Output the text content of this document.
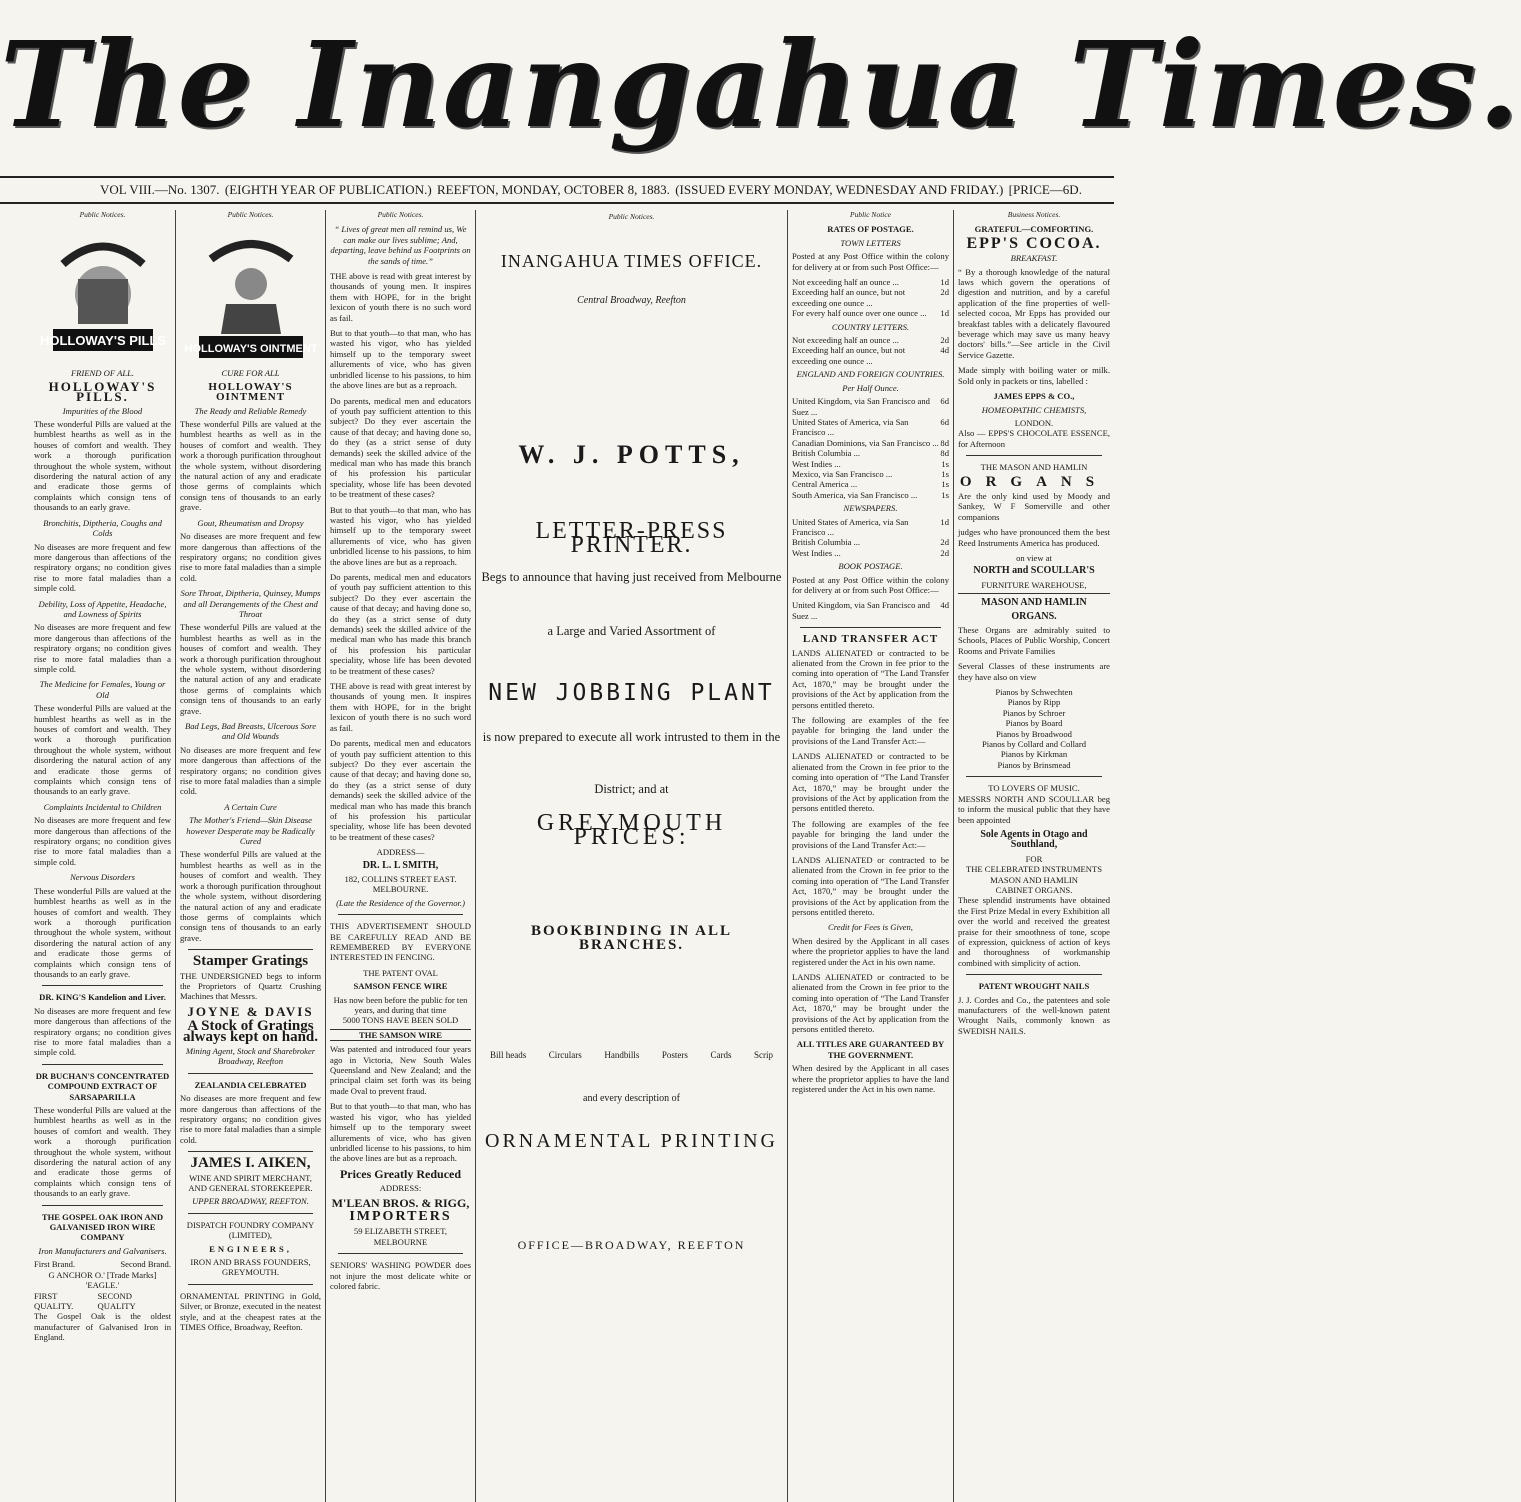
The Inangahua Times.
VOL VIII.—No. 1307. (EIGHTH YEAR OF PUBLICATION.) REEFTON, MONDAY, OCTOBER 8, 1883. (ISSUED EVERY MONDAY, WEDNESDAY AND FRIDAY.) [PRICE—6D.
Public Notices.
HOLLOWAY'S PILLS
FRIEND OF ALL.
HOLLOWAY'S PILLS.
Impurities of the Blood

These wonderful Pills are valued at the humblest hearths as well as in the houses of comfort and wealth. They work a thorough purification throughout the whole system, without disordering the natural action of any and eradicate those germs of complaints which consign tens of thousands to an early grave.

Bronchitis, Diptheria, Coughs and Colds

No diseases are more frequent and few more dangerous than affections of the respiratory organs; no condition gives rise to more fatal maladies than a simple cold.

Debility, Loss of Appetite, Headache, and Lowness of Spirits

No diseases are more frequent and few more dangerous than affections of the respiratory organs; no condition gives rise to more fatal maladies than a simple cold.

The Medicine for Females, Young or Old

These wonderful Pills are valued at the humblest hearths as well as in the houses of comfort and wealth. They work a thorough purification throughout the whole system, without disordering the natural action of any and eradicate those germs of complaints which consign tens of thousands to an early grave.

Complaints Incidental to Children

No diseases are more frequent and few more dangerous than affections of the respiratory organs; no condition gives rise to more fatal maladies than a simple cold.

Nervous Disorders

These wonderful Pills are valued at the humblest hearths as well as in the houses of comfort and wealth. They work a thorough purification throughout the whole system, without disordering the natural action of any and eradicate those germs of complaints which consign tens of thousands to an early grave.

DR. KING'S Kandelion and Liver.

No diseases are more frequent and few more dangerous than affections of the respiratory organs; no condition gives rise to more fatal maladies than a simple cold.

DR BUCHAN'S CONCENTRATED COMPOUND EXTRACT OF SARSAPARILLA

These wonderful Pills are valued at the humblest hearths as well as in the houses of comfort and wealth. They work a thorough purification throughout the whole system, without disordering the natural action of any and eradicate those germs of complaints which consign tens of thousands to an early grave.

THE GOSPEL OAK IRON AND GALVANISED IRON WIRE COMPANY
Iron Manufacturers and Galvanisers.
First Brand.	Second Brand.
G ANCHOR O.' [Trade Marks] 'EAGLE.'
FIRST QUALITY.
SECOND QUALITY

The Gospel Oak is the oldest manufacturer of Galvanised Iron in England.

Public Notices.
HOLLOWAY'S OINTMENT
CURE FOR ALL
HOLLOWAY'S OINTMENT
The Ready and Reliable Remedy

These wonderful Pills are valued at the humblest hearths as well as in the houses of comfort and wealth. They work a thorough purification throughout the whole system, without disordering the natural action of any and eradicate those germs of complaints which consign tens of thousands to an early grave.

Gout, Rheumatism and Dropsy

No diseases are more frequent and few more dangerous than affections of the respiratory organs; no condition gives rise to more fatal maladies than a simple cold.

Sore Throat, Diptheria, Quinsey, Mumps and all Derangements of the Chest and Throat

These wonderful Pills are valued at the humblest hearths as well as in the houses of comfort and wealth. They work a thorough purification throughout the whole system, without disordering the natural action of any and eradicate those germs of complaints which consign tens of thousands to an early grave.

Bad Legs, Bad Breasts, Ulcerous Sore and Old Wounds

No diseases are more frequent and few more dangerous than affections of the respiratory organs; no condition gives rise to more fatal maladies than a simple cold.

A Certain Cure
The Mother's Friend—Skin Disease however Desperate may be Radically Cured

These wonderful Pills are valued at the humblest hearths as well as in the houses of comfort and wealth. They work a thorough purification throughout the whole system, without disordering the natural action of any and eradicate those germs of complaints which consign tens of thousands to an early grave.

Stamper Gratings

THE UNDERSIGNED begs to inform the Proprietors of Quartz Crushing Machines that Messrs.

JOYNE & DAVIS
A Stock of Gratings always kept on hand.
Mining Agent, Stock and Sharebroker Broadway, Reefton
ZEALANDIA CELEBRATED

No diseases are more frequent and few more dangerous than affections of the respiratory organs; no condition gives rise to more fatal maladies than a simple cold.

JAMES I. AIKEN,
WINE AND SPIRIT MERCHANT, AND GENERAL STOREKEEPER.
UPPER BROADWAY, REEFTON.
DISPATCH FOUNDRY COMPANY (LIMITED),
ENGINEERS,
IRON AND BRASS FOUNDERS,
GREYMOUTH.

ORNAMENTAL PRINTING in Gold, Silver, or Bronze, executed in the neatest style, and at the cheapest rates at the TIMES Office, Broadway, Reefton.

Public Notices.

“ Lives of great men all remind us, We can make our lives sublime; And, departing, leave behind us Footprints on the sands of time.”

THE above is read with great interest by thousands of young men. It inspires them with HOPE, for in the bright lexicon of youth there is no such word as fail.

But to that youth—to that man, who has wasted his vigor, who has yielded himself up to the temporary sweet allurements of vice, who has given unbridled license to his passions, to him the above lines are but as a reproach.

Do parents, medical men and educators of youth pay sufficient attention to this subject? Do they ever ascertain the cause of that decay; and having done so, do they (as a strict sense of duty demands) seek the skilled advice of the medical man who has made this branch of his profession his particular speciality, whose life has been devoted to be treatment of these cases?

But to that youth—to that man, who has wasted his vigor, who has yielded himself up to the temporary sweet allurements of vice, who has given unbridled license to his passions, to him the above lines are but as a reproach.

Do parents, medical men and educators of youth pay sufficient attention to this subject? Do they ever ascertain the cause of that decay; and having done so, do they (as a strict sense of duty demands) seek the skilled advice of the medical man who has made this branch of his profession his particular speciality, whose life has been devoted to be treatment of these cases?

THE above is read with great interest by thousands of young men. It inspires them with HOPE, for in the bright lexicon of youth there is no such word as fail.

Do parents, medical men and educators of youth pay sufficient attention to this subject? Do they ever ascertain the cause of that decay; and having done so, do they (as a strict sense of duty demands) seek the skilled advice of the medical man who has made this branch of his profession his particular speciality, whose life has been devoted to be treatment of these cases?

ADDRESS—
DR. L. L SMITH,
182, COLLINS STREET EAST. MELBOURNE.
(Late the Residence of the Governor.)

THIS ADVERTISEMENT SHOULD BE CAREFULLY READ AND BE REMEMBERED BY EVERYONE INTERESTED IN FENCING.

THE PATENT OVAL
SAMSON FENCE WIRE
Has now been before the public for ten years, and during that time
5000 TONS HAVE BEEN SOLD
THE SAMSON WIRE

Was patented and introduced four years ago in Victoria, New South Wales Queensland and New Zealand; and the principal claim set forth was its being made Oval to prevent fraud.

But to that youth—to that man, who has wasted his vigor, who has yielded himself up to the temporary sweet allurements of vice, who has given unbridled license to his passions, to him the above lines are but as a reproach.

Prices Greatly Reduced
ADDRESS:
M'LEAN BROS. & RIGG,
IMPORTERS
59 ELIZABETH STREET, MELBOURNE

SENIORS' WASHING POWDER does not injure the most delicate white or colored fabric.

Public Notices.
INANGAHUA TIMES OFFICE.
Central Broadway, Reefton
W. J. POTTS,
LETTER-PRESS PRINTER.
Begs to announce that having just received from Melbourne
a Large and Varied Assortment of
NEW JOBBING PLANT
is now prepared to execute all work intrusted to them in the
District; and at
GREYMOUTH PRICES:
BOOKBINDING IN ALL BRANCHES.
Bill heads	Circulars	Handbills	Posters	Cards	Scrip
and every description of
ORNAMENTAL PRINTING
OFFICE—BROADWAY, REEFTON
Public Notice
RATES OF POSTAGE.
TOWN LETTERS

Posted at any Post Office within the colony for delivery at or from such Post Office:—

Not exceeding half an ounce ...	1d
Exceeding half an ounce, but not exceeding one ounce ...
2d
For every half ounce over one ounce ... 1d
COUNTRY LETTERS.
Not exceeding half an ounce ...	2d
Exceeding half an ounce, but not exceeding one ounce ...
4d
ENGLAND AND FOREIGN COUNTRIES.
Per Half Ounce.
United Kingdom, via San Francisco and Suez ...
6d
United States of America, via San Francisco ...
6d
Canadian Dominions, via San Francisco ... 8d
British Columbia ...	8d
West Indies ...	1s
Mexico, via San Francisco ...	1s
Central America ...	1s
South America, via San Francisco ...	1s
NEWSPAPERS.
United States of America, via San Francisco ...
1d
British Columbia ...	2d
West Indies ...	2d
BOOK POSTAGE.

Posted at any Post Office within the colony for delivery at or from such Post Office:—

United Kingdom, via San Francisco and Suez ...
4d
LAND TRANSFER ACT

LANDS ALIENATED or contracted to be alienated from the Crown in fee prior to the coming into operation of “The Land Transfer Act, 1870,” may be brought under the provisions of the Act by application from the persons entitled thereto.

The following are examples of the fee payable for bringing the land under the provisions of the Land Transfer Act:—

LANDS ALIENATED or contracted to be alienated from the Crown in fee prior to the coming into operation of “The Land Transfer Act, 1870,” may be brought under the provisions of the Act by application from the persons entitled thereto.

The following are examples of the fee payable for bringing the land under the provisions of the Land Transfer Act:—

LANDS ALIENATED or contracted to be alienated from the Crown in fee prior to the coming into operation of “The Land Transfer Act, 1870,” may be brought under the provisions of the Act by application from the persons entitled thereto.

Credit for Fees is Given,

When desired by the Applicant in all cases where the proprietor applies to have the land registered under the Act in his own name.

LANDS ALIENATED or contracted to be alienated from the Crown in fee prior to the coming into operation of “The Land Transfer Act, 1870,” may be brought under the provisions of the Act by application from the persons entitled thereto.

ALL TITLES ARE GUARANTEED BY THE GOVERNMENT.

When desired by the Applicant in all cases where the proprietor applies to have the land registered under the Act in his own name.

Business Notices.
GRATEFUL—COMFORTING.
EPP'S COCOA.
BREAKFAST.

“ By a thorough knowledge of the natural laws which govern the operations of digestion and nutrition, and by a careful application of the fine properties of well-selected cocoa, Mr Epps has provided our breakfast tables with a delicately flavoured beverage which may save us many heavy doctors' bills.”—See article in the Civil Service Gazette.

Made simply with boiling water or milk. Sold only in packets or tins, labelled :

JAMES EPPS & CO.,
HOMEOPATHIC CHEMISTS,
LONDON.

Also — EPPS'S CHOCOLATE ESSENCE, for Afternoon

THE MASON AND HAMLIN
ORGANS

Are the only kind used by Moody and Sankey, W F Somerville and other companions

judges who have pronounced them the best Reed Instruments America has produced.

on view at
NORTH and SCOULLAR'S
FURNITURE WAREHOUSE,
MASON AND HAMLIN
ORGANS.

These Organs are admirably suited to Schools, Places of Public Worship, Concert Rooms and Private Families

Several Classes of these instruments are they have also on view

Pianos by Schwechten
Pianos by Ripp
Pianos by Schroer
Pianos by Board
Pianos by Broadwood
Pianos by Collard and Collard
Pianos by Kirkman
Pianos by Brinsmead
TO LOVERS OF MUSIC.

MESSRS NORTH AND SCOULLAR beg to inform the musical public that they have been appointed

Sole Agents in Otago and Southland,
FOR
THE CELEBRATED INSTRUMENTS
MASON AND HAMLIN
CABINET ORGANS.

These splendid instruments have obtained the First Prize Medal in every Exhibition all over the world and received the greatest praise for their smoothness of tone, scope of expression, quickness of action of keys and thoroughness of workmanship combined with simplicity of action.

PATENT WROUGHT NAILS

J. J. Cordes and Co., the patentees and sole manufacturers of the well-known patent Wrought Nails, commonly known as SWEDISH NAILS.
